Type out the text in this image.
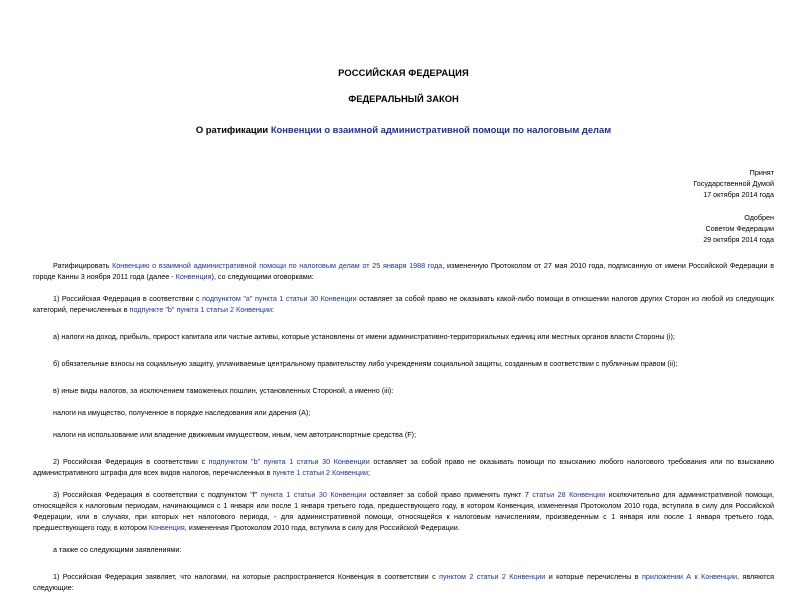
РОССИЙСКАЯ ФЕДЕРАЦИЯ

ФЕДЕРАЛЬНЫЙ ЗАКОН

О ратификации Конвенции о взаимной административной помощи по налоговым делам

Принят
Государственной Думой
17 октября 2014 года
Одобрен
Советом Федерации
29 октября 2014 года

Ратифицировать Конвенцию о взаимной административной помощи по налоговым делам от 25 января 1988 года, измененную Протоколом от 27 мая 2010 года, подписанную от имени Российской Федерации в городе Канны 3 ноября 2011 года (далее - Конвенция), со следующими оговорками:

1) Российская Федерация в соответствии с подпунктом "a" пункта 1 статьи 30 Конвенции оставляет за собой право не оказывать какой-либо помощи в отношении налогов других Сторон из любой из следующих категорий, перечисленных в подпункте "b" пункта 1 статьи 2 Конвенции:

а) налоги на доход, прибыль, прирост капитала или чистые активы, которые установлены от имени административно-территориальных единиц или местных органов власти Стороны (i);

б) обязательные взносы на социальную защиту, уплачиваемые центральному правительству либо учреждениям социальной защиты, созданным в соответствии с публичным правом (ii);

в) иные виды налогов, за исключением таможенных пошлин, установленных Стороной, а именно (iii):

налоги на имущество, полученное в порядке наследования или дарения (A);

налоги на использование или владение движимым имуществом, иным, чем автотранспортные средства (F);

2) Российская Федерация в соответствии с подпунктом "b" пункта 1 статьи 30 Конвенции оставляет за собой право не оказывать помощи по взысканию любого налогового требования или по взысканию административного штрафа для всех видов налогов, перечисленных в пункте 1 статьи 2 Конвенции;

3) Российская Федерация в соответствии с подпунктом "f" пункта 1 статьи 30 Конвенции оставляет за собой право применять пункт 7 статьи 28 Конвенции исключительно для административной помощи, относящейся к налоговым периодам, начинающимся с 1 января или после 1 января третьего года, предшествующего году, в котором Конвенция, измененная Протоколом 2010 года, вступила в силу для Российской Федерации, или в случаях, при которых нет налогового периода, - для административной помощи, относящейся к налоговым начислениям, произведенным с 1 января или после 1 января третьего года, предшествующего году, в котором Конвенция, измененная Протоколом 2010 года, вступила в силу для Российской Федерации.

а также со следующими заявлениями:

1) Российская Федерация заявляет, что налогами, на которые распространяется Конвенция в соответствии с пунктом 2 статьи 2 Конвенции и которые перечислены в приложении А к Конвенции, являются следующие:
